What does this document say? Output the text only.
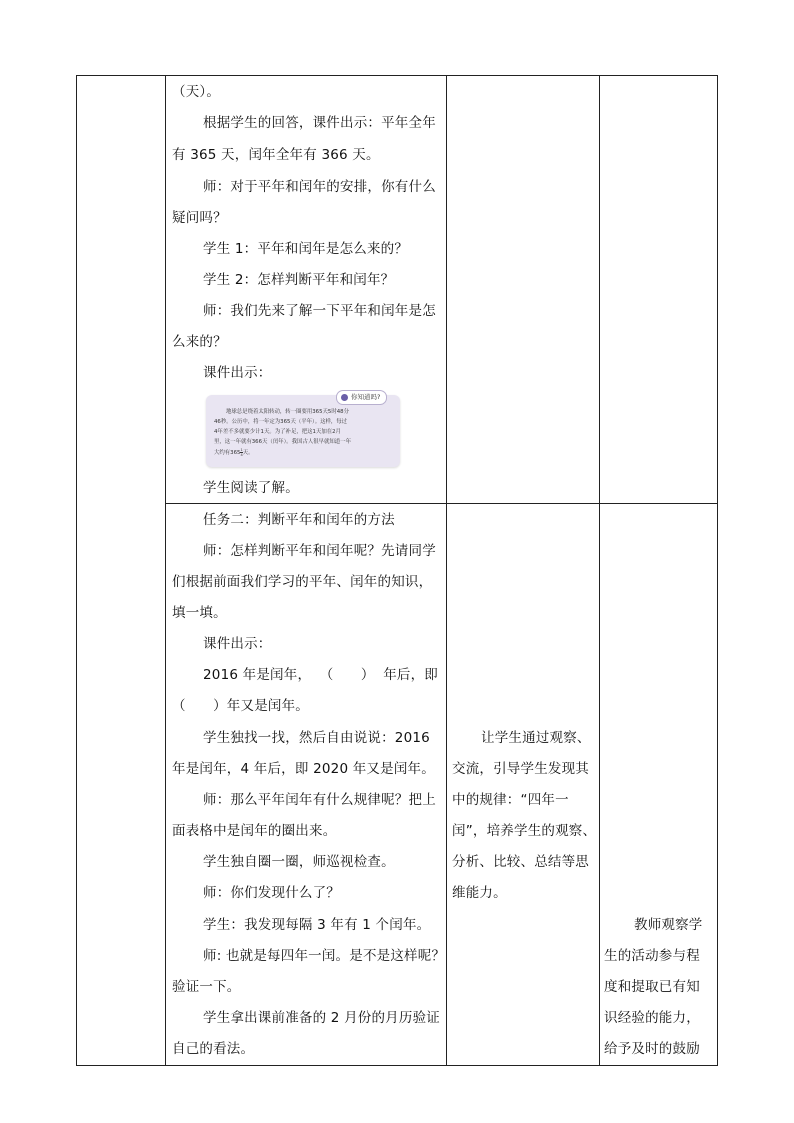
（天）。
根据学生的回答，课件出示：平年全年
有 365 天，闰年全年有 366 天。
师：对于平年和闰年的安排，你有什么
疑问吗？
学生 1：平年和闰年是怎么来的？
学生 2：怎样判断平年和闰年？
师：我们先来了解一下平年和闰年是怎
么来的？
课件出示：
你知道吗?
地球总是绕着太阳转动，转一圈要用365天5时48分
46秒。公历中，将一年定为365天（平年）。这样，每过
4年差不多就要少计1天。为了补足，把这1天加在2月
里，这一年就有366天（闰年）。我国古人很早就知道一年
大约有$365 \frac{1}{4}$ 天。
学生阅读了解。
任务二：判断平年和闰年的方法
师：怎样判断平年和闰年呢？先请同学
们根据前面我们学习的平年、闰年的知识，
填一填。
课件出示：
2016 年是闰年， （　　） 年后，即
（　　）年又是闰年。
学生独找一找，然后自由说说：2016
年是闰年，4 年后，即 2020 年又是闰年。
师：那么平年闰年有什么规律呢？把上
面表格中是闰年的圈出来。
学生独自圈一圈，师巡视检查。
师：你们发现什么了？
学生：我发现每隔 3 年有 1 个闰年。
师: 也就是每四年一闰。是不是这样呢？
验证一下。
学生拿出课前准备的 2 月份的月历验证
自己的看法。
让学生通过观察、
交流，引导学生发现其
中的规律：“四年一
闰”，培养学生的观察、
分析、比较、总结等思
维能力。
教师观察学
生的活动参与程
度和提取已有知
识经验的能力，
给予及时的鼓励
